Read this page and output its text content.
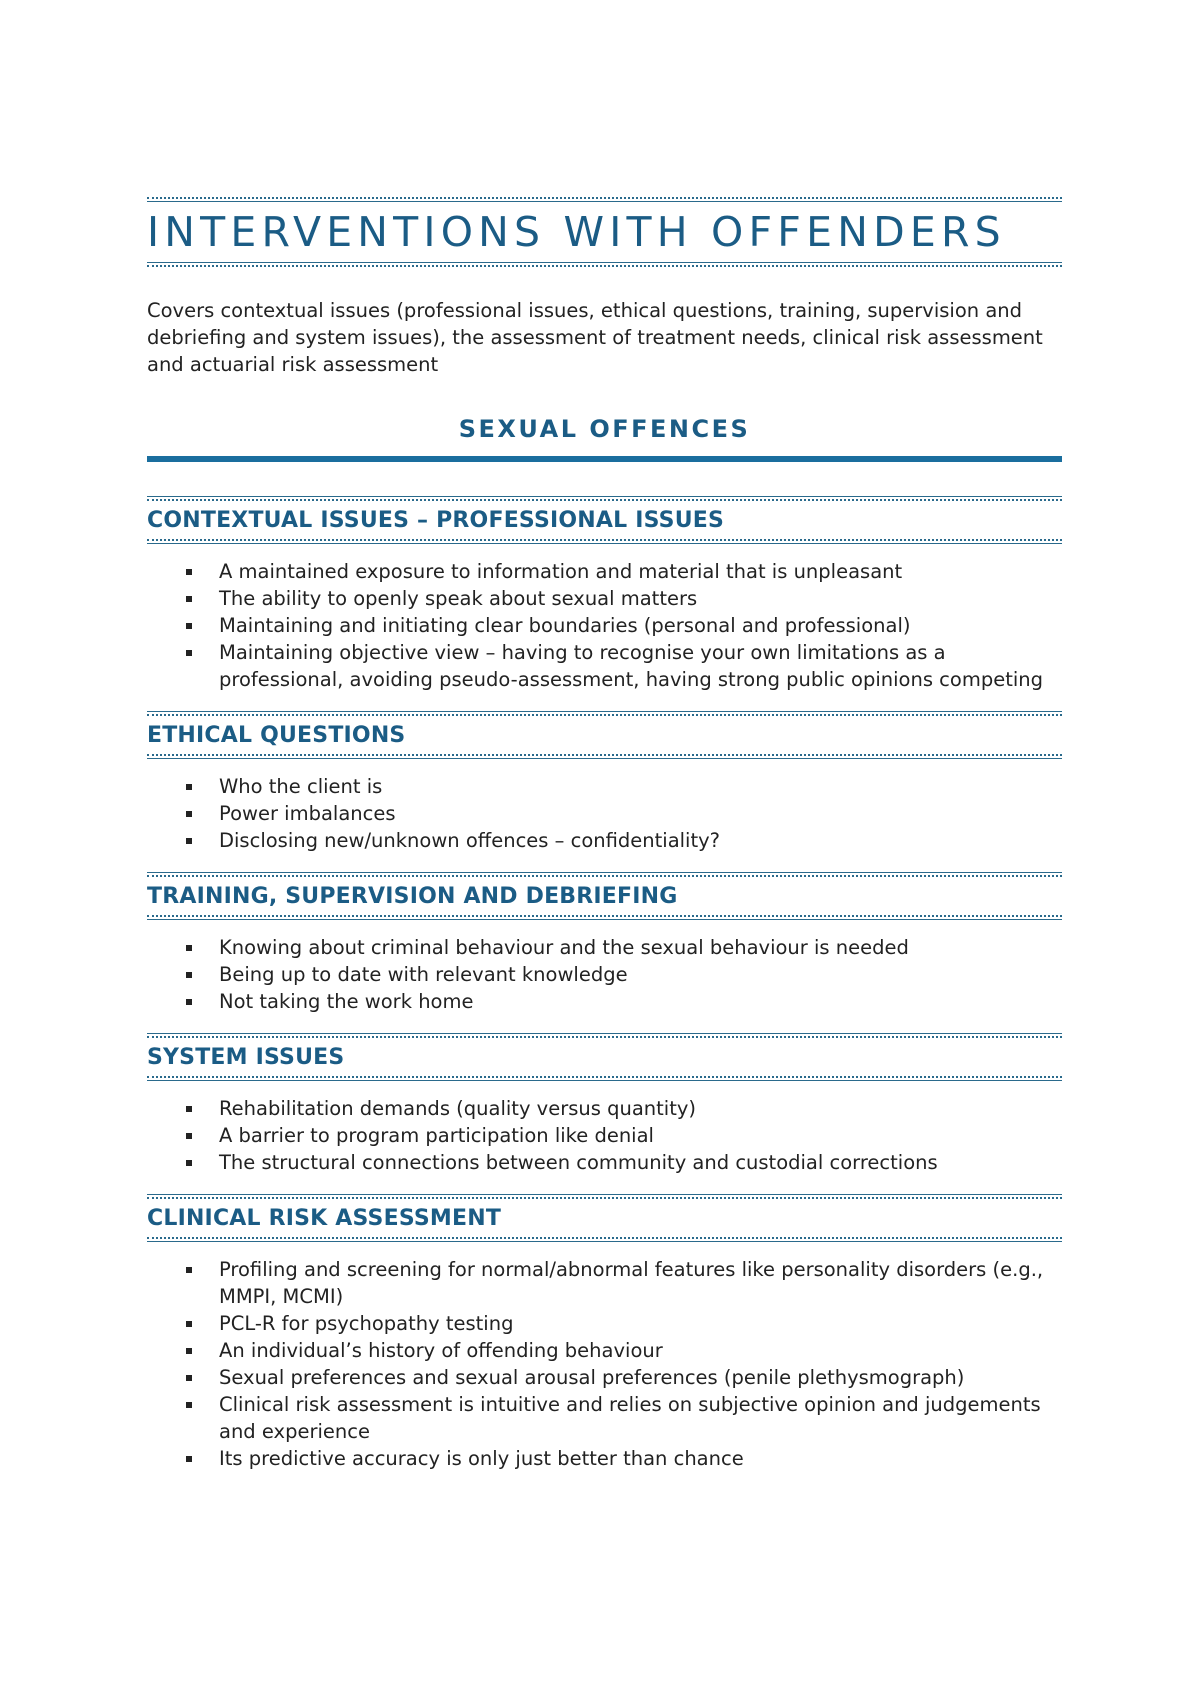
INTERVENTIONS WITH OFFENDERS

Covers contextual issues (professional issues, ethical questions, training, supervision and debriefing and system issues), the assessment of treatment needs, clinical risk assessment and actuarial risk assessment

SEXUAL OFFENCES
CONTEXTUAL ISSUES – PROFESSIONAL ISSUES
A maintained exposure to information and material that is unpleasant
The ability to openly speak about sexual matters
Maintaining and initiating clear boundaries (personal and professional)
Maintaining objective view – having to recognise your own limitations as a professional, avoiding pseudo-assessment, having strong public opinions competing
ETHICAL QUESTIONS
Who the client is
Power imbalances
Disclosing new/unknown offences – confidentiality?
TRAINING, SUPERVISION AND DEBRIEFING
Knowing about criminal behaviour and the sexual behaviour is needed
Being up to date with relevant knowledge
Not taking the work home
SYSTEM ISSUES
Rehabilitation demands (quality versus quantity)
A barrier to program participation like denial
The structural connections between community and custodial corrections
CLINICAL RISK ASSESSMENT
Profiling and screening for normal/abnormal features like personality disorders (e.g., MMPI, MCMI)
PCL-R for psychopathy testing
An individual’s history of offending behaviour
Sexual preferences and sexual arousal preferences (penile plethysmograph)
Clinical risk assessment is intuitive and relies on subjective opinion and judgements and experience
Its predictive accuracy is only just better than chance
